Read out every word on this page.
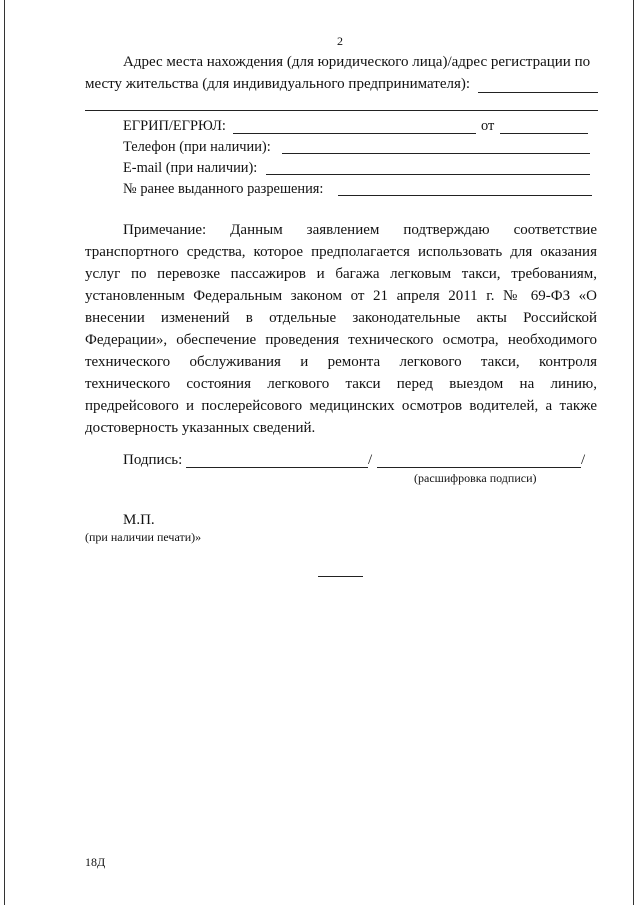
2
Адрес места нахождения (для юридического лица)/адрес регистрации по
месту жительства (для индивидуального предпринимателя):
ЕГРИП/ЕГРЮЛ:	от
Телефон (при наличии):
E-mail (при наличии):
№ ранее выданного разрешения:
Примечание: Данным заявлением подтверждаю соответствие
транспортного средства, которое предполагается использовать для оказания
услуг по перевозке пассажиров и багажа легковым такси, требованиям,
установленным Федеральным законом от 21 апреля 2011 г. № 69-ФЗ «О
внесении изменений в отдельные законодательные акты Российской
Федерации», обеспечение проведения технического осмотра, необходимого
технического обслуживания и ремонта легкового такси, контроля
технического состояния легкового такси перед выездом на линию,
предрейсового и послерейсового медицинских осмотров водителей, а также
достоверность указанных сведений.
Подпись:	/	/
(расшифровка подписи)
М.П.
(при наличии печати)»
18Д
